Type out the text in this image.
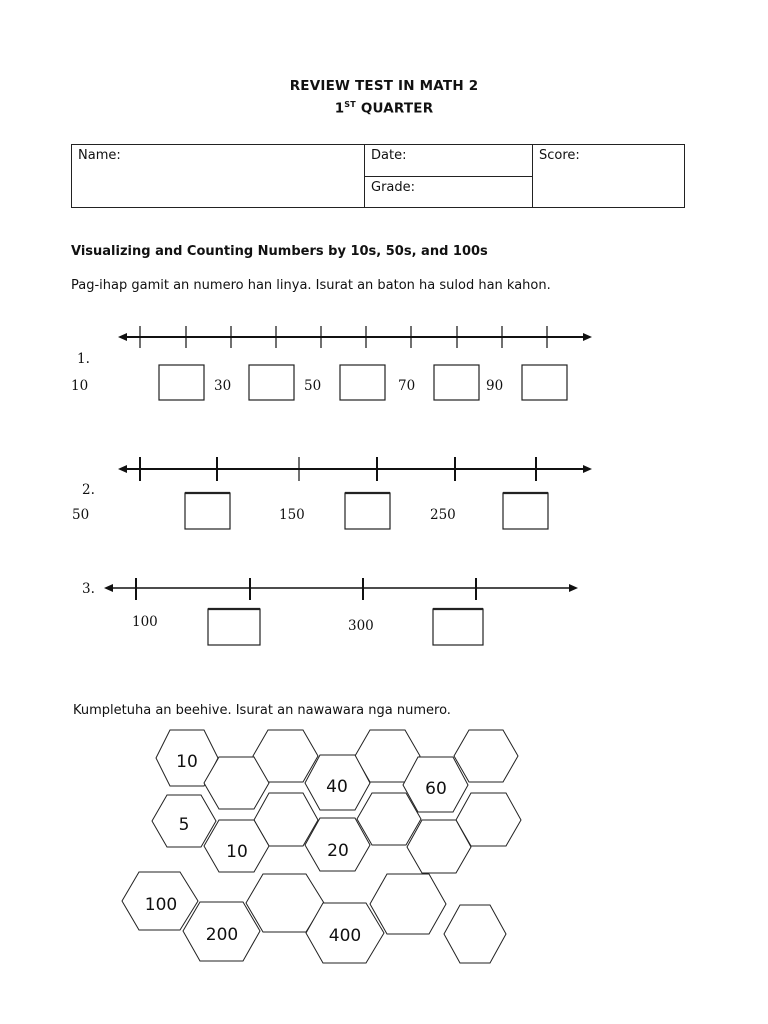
REVIEW TEST IN MATH 2
1ST QUARTER
Name:	Date:	Score:
Grade:
Visualizing and Counting Numbers by 10s, 50s, and 100s
Pag-ihap gamit an numero han linya. Isurat an baton ha sulod han kahon.
1.
10	30	50	70	90
2.
50	150	250
3.
100	300
Kumpletuha an beehive. Isurat an nawawara nga numero.
10
40	60
5
10	20
100
200	400
